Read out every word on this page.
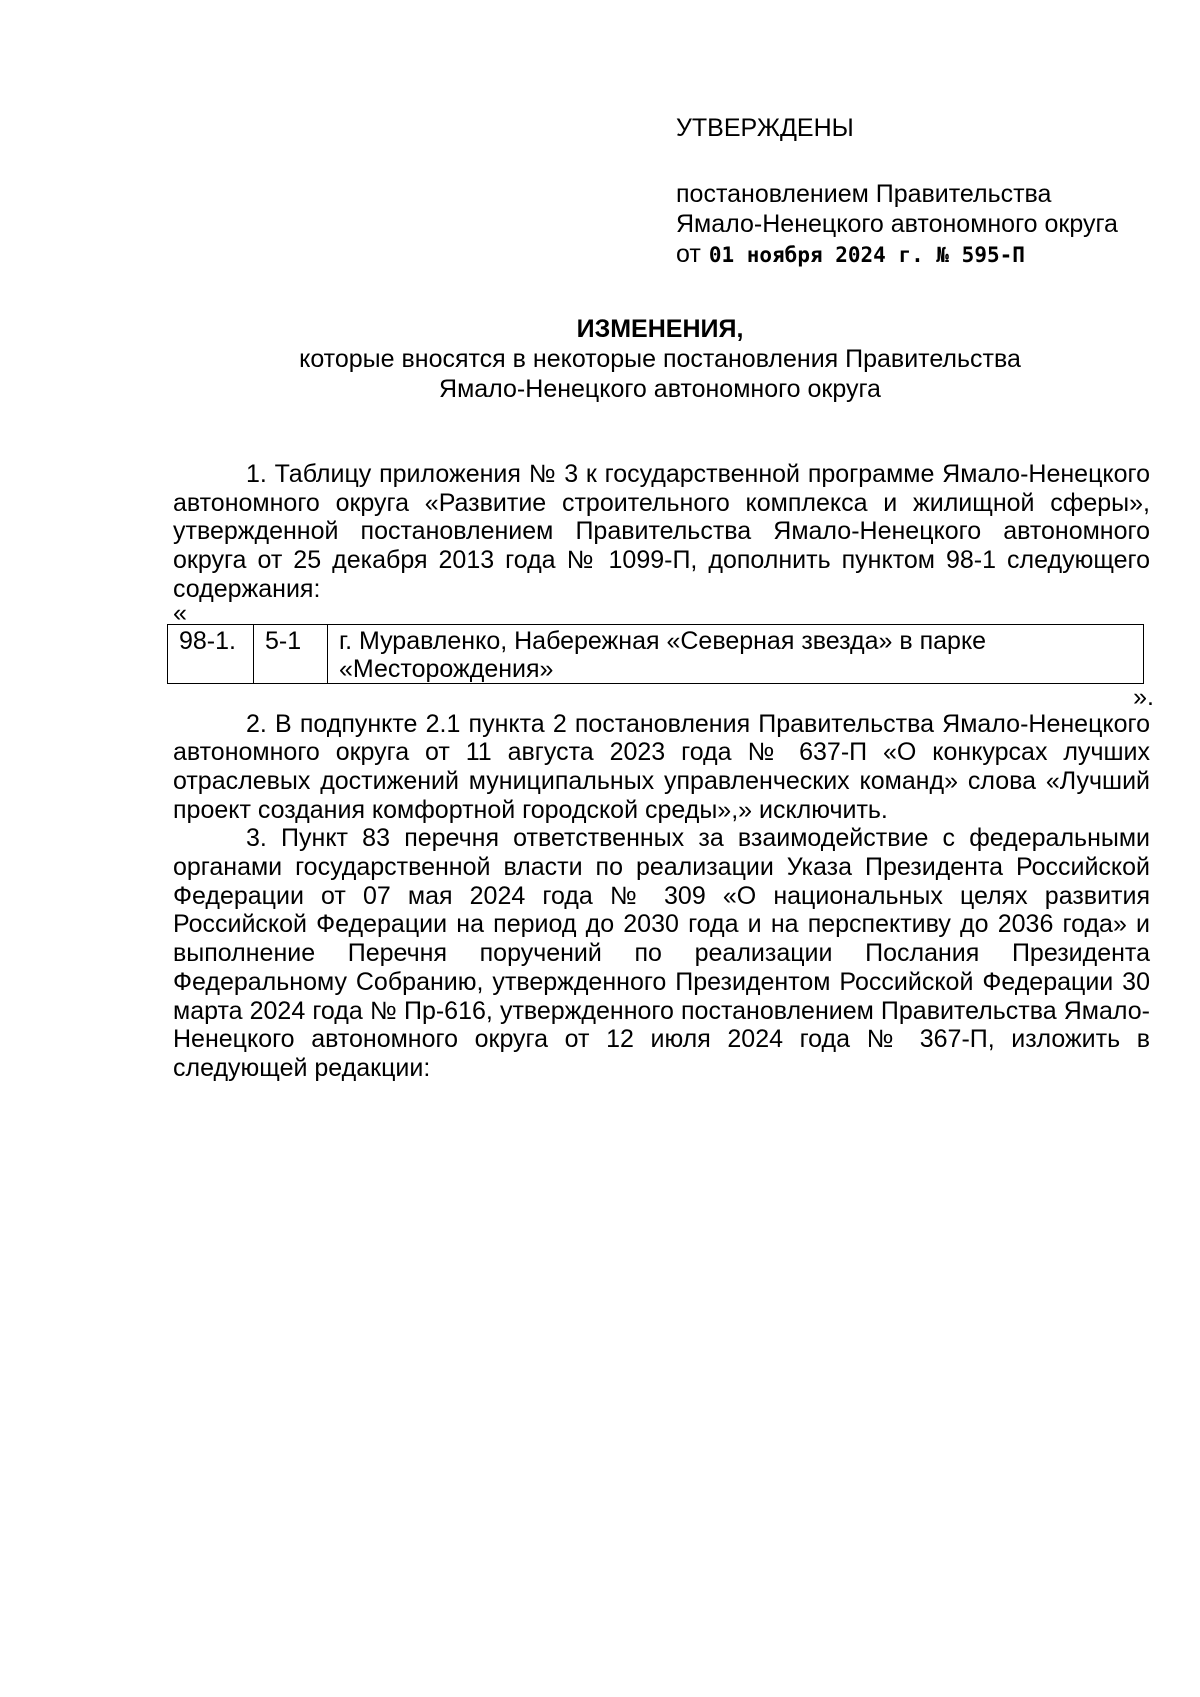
УТВЕРЖДЕНЫ
постановлением Правительства
Ямало-Ненецкого автономного округа
от 01 ноября 2024 г. № 595-П
ИЗМЕНЕНИЯ,
которые вносятся в некоторые постановления Правительства
Ямало-Ненецкого автономного округа

1. Таблицу приложения № 3 к государственной программе Ямало-Ненецкого автономного округа «Развитие строительного комплекса и жилищной сферы», утвержденной постановлением Правительства Ямало-Ненецкого автономного округа от 25 декабря 2013 года № 1099-П, дополнить пунктом 98-1 следующего содержания:

«
98-1.	5-1	г. Муравленко, Набережная «Северная звезда» в парке «Месторождения»
».

2. В подпункте 2.1 пункта 2 постановления Правительства Ямало-Ненецкого автономного округа от 11 августа 2023 года № 637-П «О конкурсах лучших отраслевых достижений муниципальных управленческих команд» слова «Лучший проект создания комфортной городской среды»,» исключить.

3. Пункт 83 перечня ответственных за взаимодействие с федеральными органами государственной власти по реализации Указа Президента Российской Федерации от 07 мая 2024 года № 309 «О национальных целях развития Российской Федерации на период до 2030 года и на перспективу до 2036 года» и выполнение Перечня поручений по реализации Послания Президента Федеральному Собранию, утвержденного Президентом Российской Федерации 30 марта 2024 года № Пр-616, утвержденного постановлением Правительства Ямало-Ненецкого автономного округа от 12 июля 2024 года № 367-П, изложить в следующей редакции:
